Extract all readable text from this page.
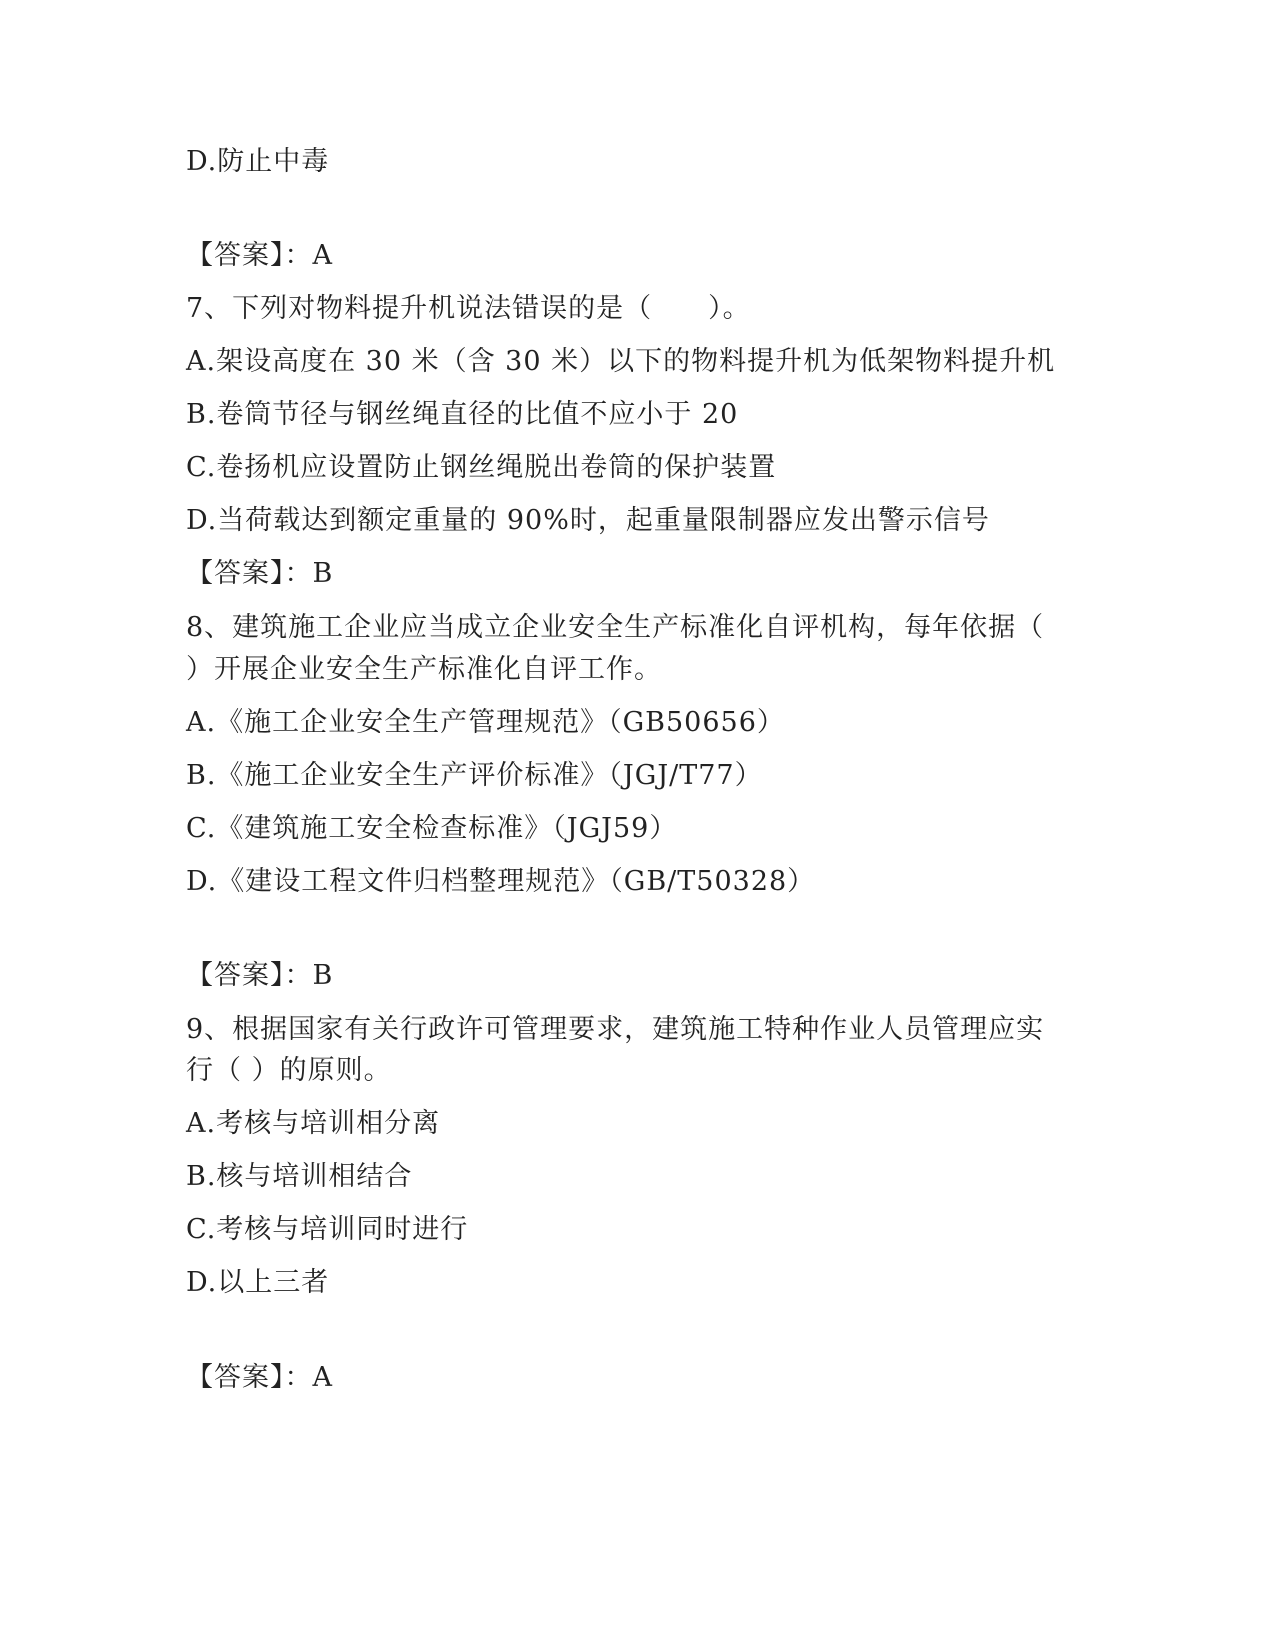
D.防止中毒
【答案】：A
7、下列对物料提升机说法错误的是（　　）。
A.架设高度在 30 米（含 30 米）以下的物料提升机为低架物料提升机
B.卷筒节径与钢丝绳直径的比值不应小于 20
C.卷扬机应设置防止钢丝绳脱出卷筒的保护装置
D.当荷载达到额定重量的 90%时，起重量限制器应发出警示信号
【答案】：B
8、建筑施工企业应当成立企业安全生产标准化自评机构，每年依据（
）开展企业安全生产标准化自评工作。
A.《施工企业安全生产管理规范》（GB50656）
B.《施工企业安全生产评价标准》（JGJ/T77）
C.《建筑施工安全检查标准》（JGJ59）
D.《建设工程文件归档整理规范》（GB/T50328）
【答案】：B
9、根据国家有关行政许可管理要求，建筑施工特种作业人员管理应实
行（ ）的原则。
A.考核与培训相分离
B.核与培训相结合
C.考核与培训同时进行
D.以上三者
【答案】：A
